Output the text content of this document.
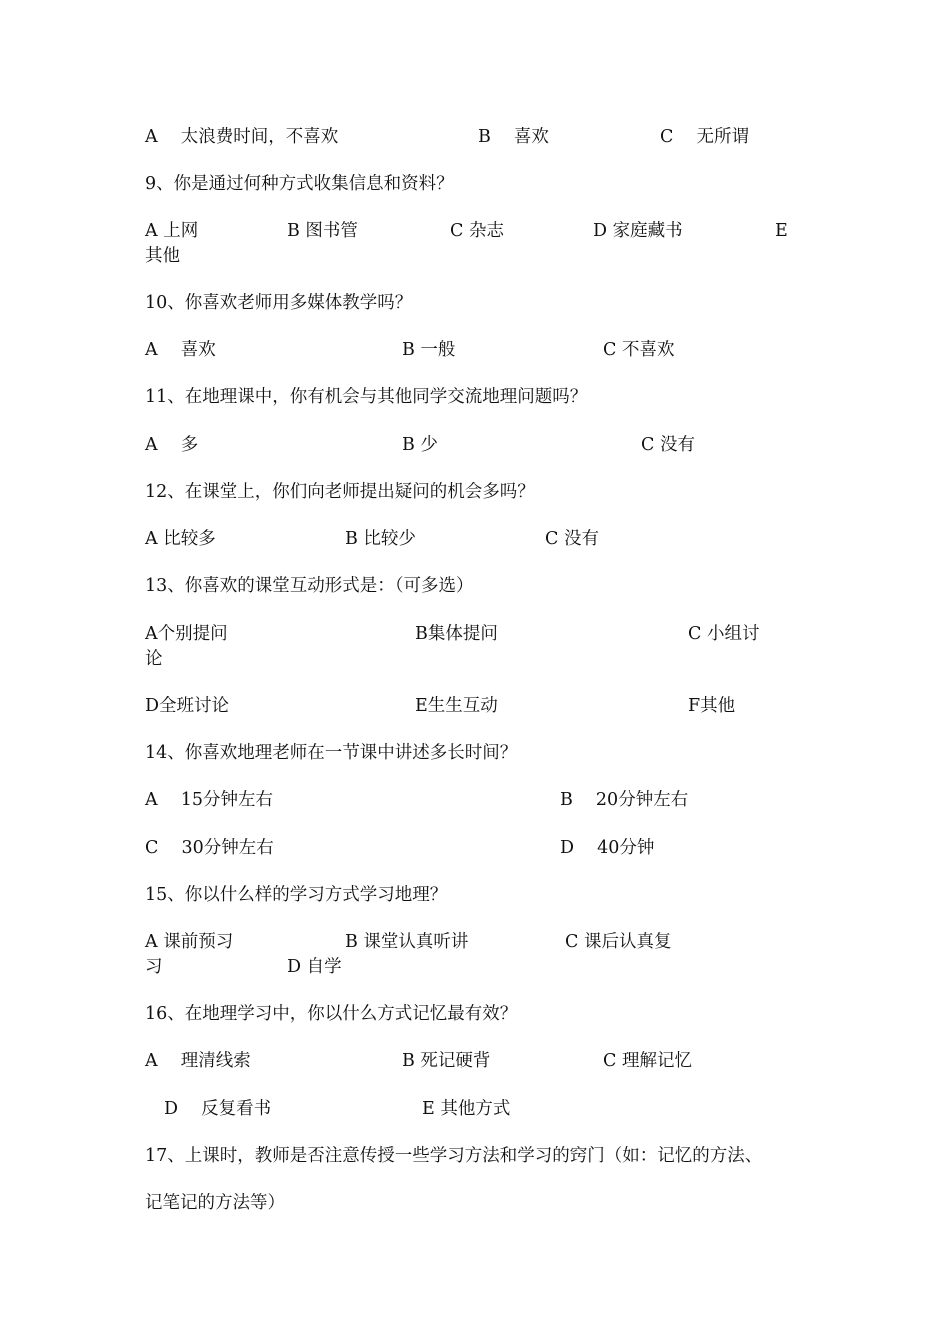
A　 太浪费时间，不喜欢	B　 喜欢	C　 无所谓
9、你是通过何种方式收集信息和资料？
A 上网	B 图书管	C 杂志	D 家庭藏书	E
其他
10、你喜欢老师用多媒体教学吗？
A　 喜欢	B 一般	C 不喜欢
11、在地理课中，你有机会与其他同学交流地理问题吗？
A　 多	B 少	C 没有
12、在课堂上，你们向老师提出疑问的机会多吗？
A 比较多	B 比较少	C 没有
13、你喜欢的课堂互动形式是：（可多选）
A个别提问	B集体提问	C 小组讨
论
D全班讨论	E生生互动	F其他
14、你喜欢地理老师在一节课中讲述多长时间？
A　 15分钟左右	B　 20分钟左右
C　 30分钟左右	D　 40分钟
15、你以什么样的学习方式学习地理？
A 课前预习	B 课堂认真听讲	C 课后认真复
习	D 自学
16、在地理学习中，你以什么方式记忆最有效？
A　 理清线索	B 死记硬背	C 理解记忆
D　 反复看书	E 其他方式
17、上课时，教师是否注意传授一些学习方法和学习的窍门（如：记忆的方法、
记笔记的方法等）
